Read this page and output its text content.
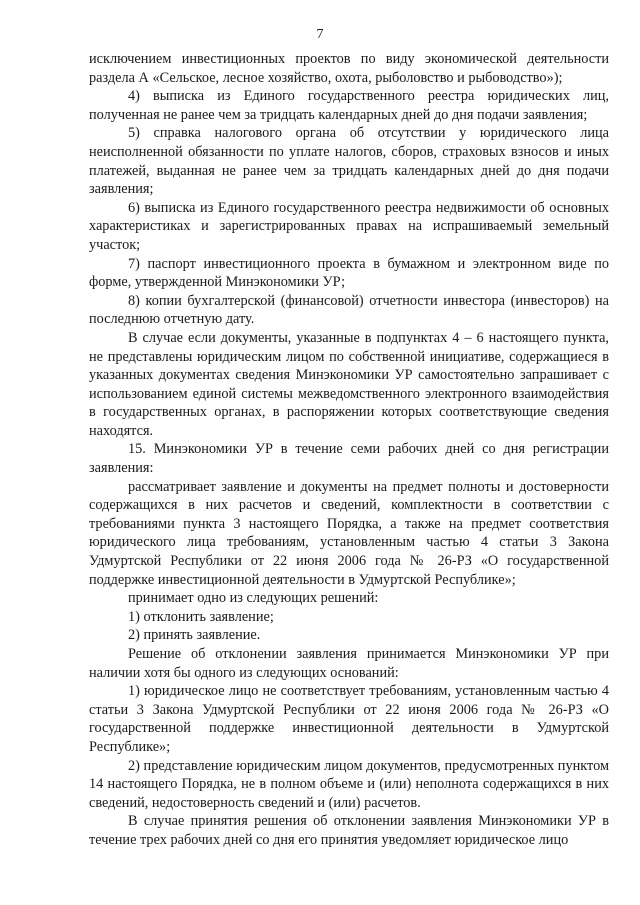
7

исключением инвестиционных проектов по виду экономической деятельности раздела А «Сельское, лесное хозяйство, охота, рыболовство и рыбоводство»);

4) выписка из Единого государственного реестра юридических лиц, полученная не ранее чем за тридцать календарных дней до дня подачи заявления;

5) справка налогового органа об отсутствии у юридического лица неисполненной обязанности по уплате налогов, сборов, страховых взносов и иных платежей, выданная не ранее чем за тридцать календарных дней до дня подачи заявления;

6) выписка из Единого государственного реестра недвижимости об основных характеристиках и зарегистрированных правах на испрашиваемый земельный участок;

7) паспорт инвестиционного проекта в бумажном и электронном виде по форме, утвержденной Минэкономики УР;

8) копии бухгалтерской (финансовой) отчетности инвестора (инвесторов) на последнюю отчетную дату.

В случае если документы, указанные в подпунктах 4 – 6 настоящего пункта, не представлены юридическим лицом по собственной инициативе, содержащиеся в указанных документах сведения Минэкономики УР самостоятельно запрашивает с использованием единой системы межведомственного электронного взаимодействия в государственных органах, в распоряжении которых соответствующие сведения находятся.

15. Минэкономики УР в течение семи рабочих дней со дня регистрации заявления:

рассматривает заявление и документы на предмет полноты и достоверности содержащихся в них расчетов и сведений, комплектности в соответствии с требованиями пункта 3 настоящего Порядка, а также на предмет соответствия юридического лица требованиям, установленным частью 4 статьи 3 Закона Удмуртской Республики от 22 июня 2006 года № 26-РЗ «О государственной поддержке инвестиционной деятельности в Удмуртской Республике»;

принимает одно из следующих решений:

1) отклонить заявление;

2) принять заявление.

Решение об отклонении заявления принимается Минэкономики УР при наличии хотя бы одного из следующих оснований:

1) юридическое лицо не соответствует требованиям, установленным частью 4 статьи 3 Закона Удмуртской Республики от 22 июня 2006 года № 26-РЗ «О государственной поддержке инвестиционной деятельности в Удмуртской Республике»;

2) представление юридическим лицом документов, предусмотренных пунктом 14 настоящего Порядка, не в полном объеме и (или) неполнота содержащихся в них сведений, недостоверность сведений и (или) расчетов.

В случае принятия решения об отклонении заявления Минэкономики УР в течение трех рабочих дней со дня его принятия уведомляет юридическое лицо
